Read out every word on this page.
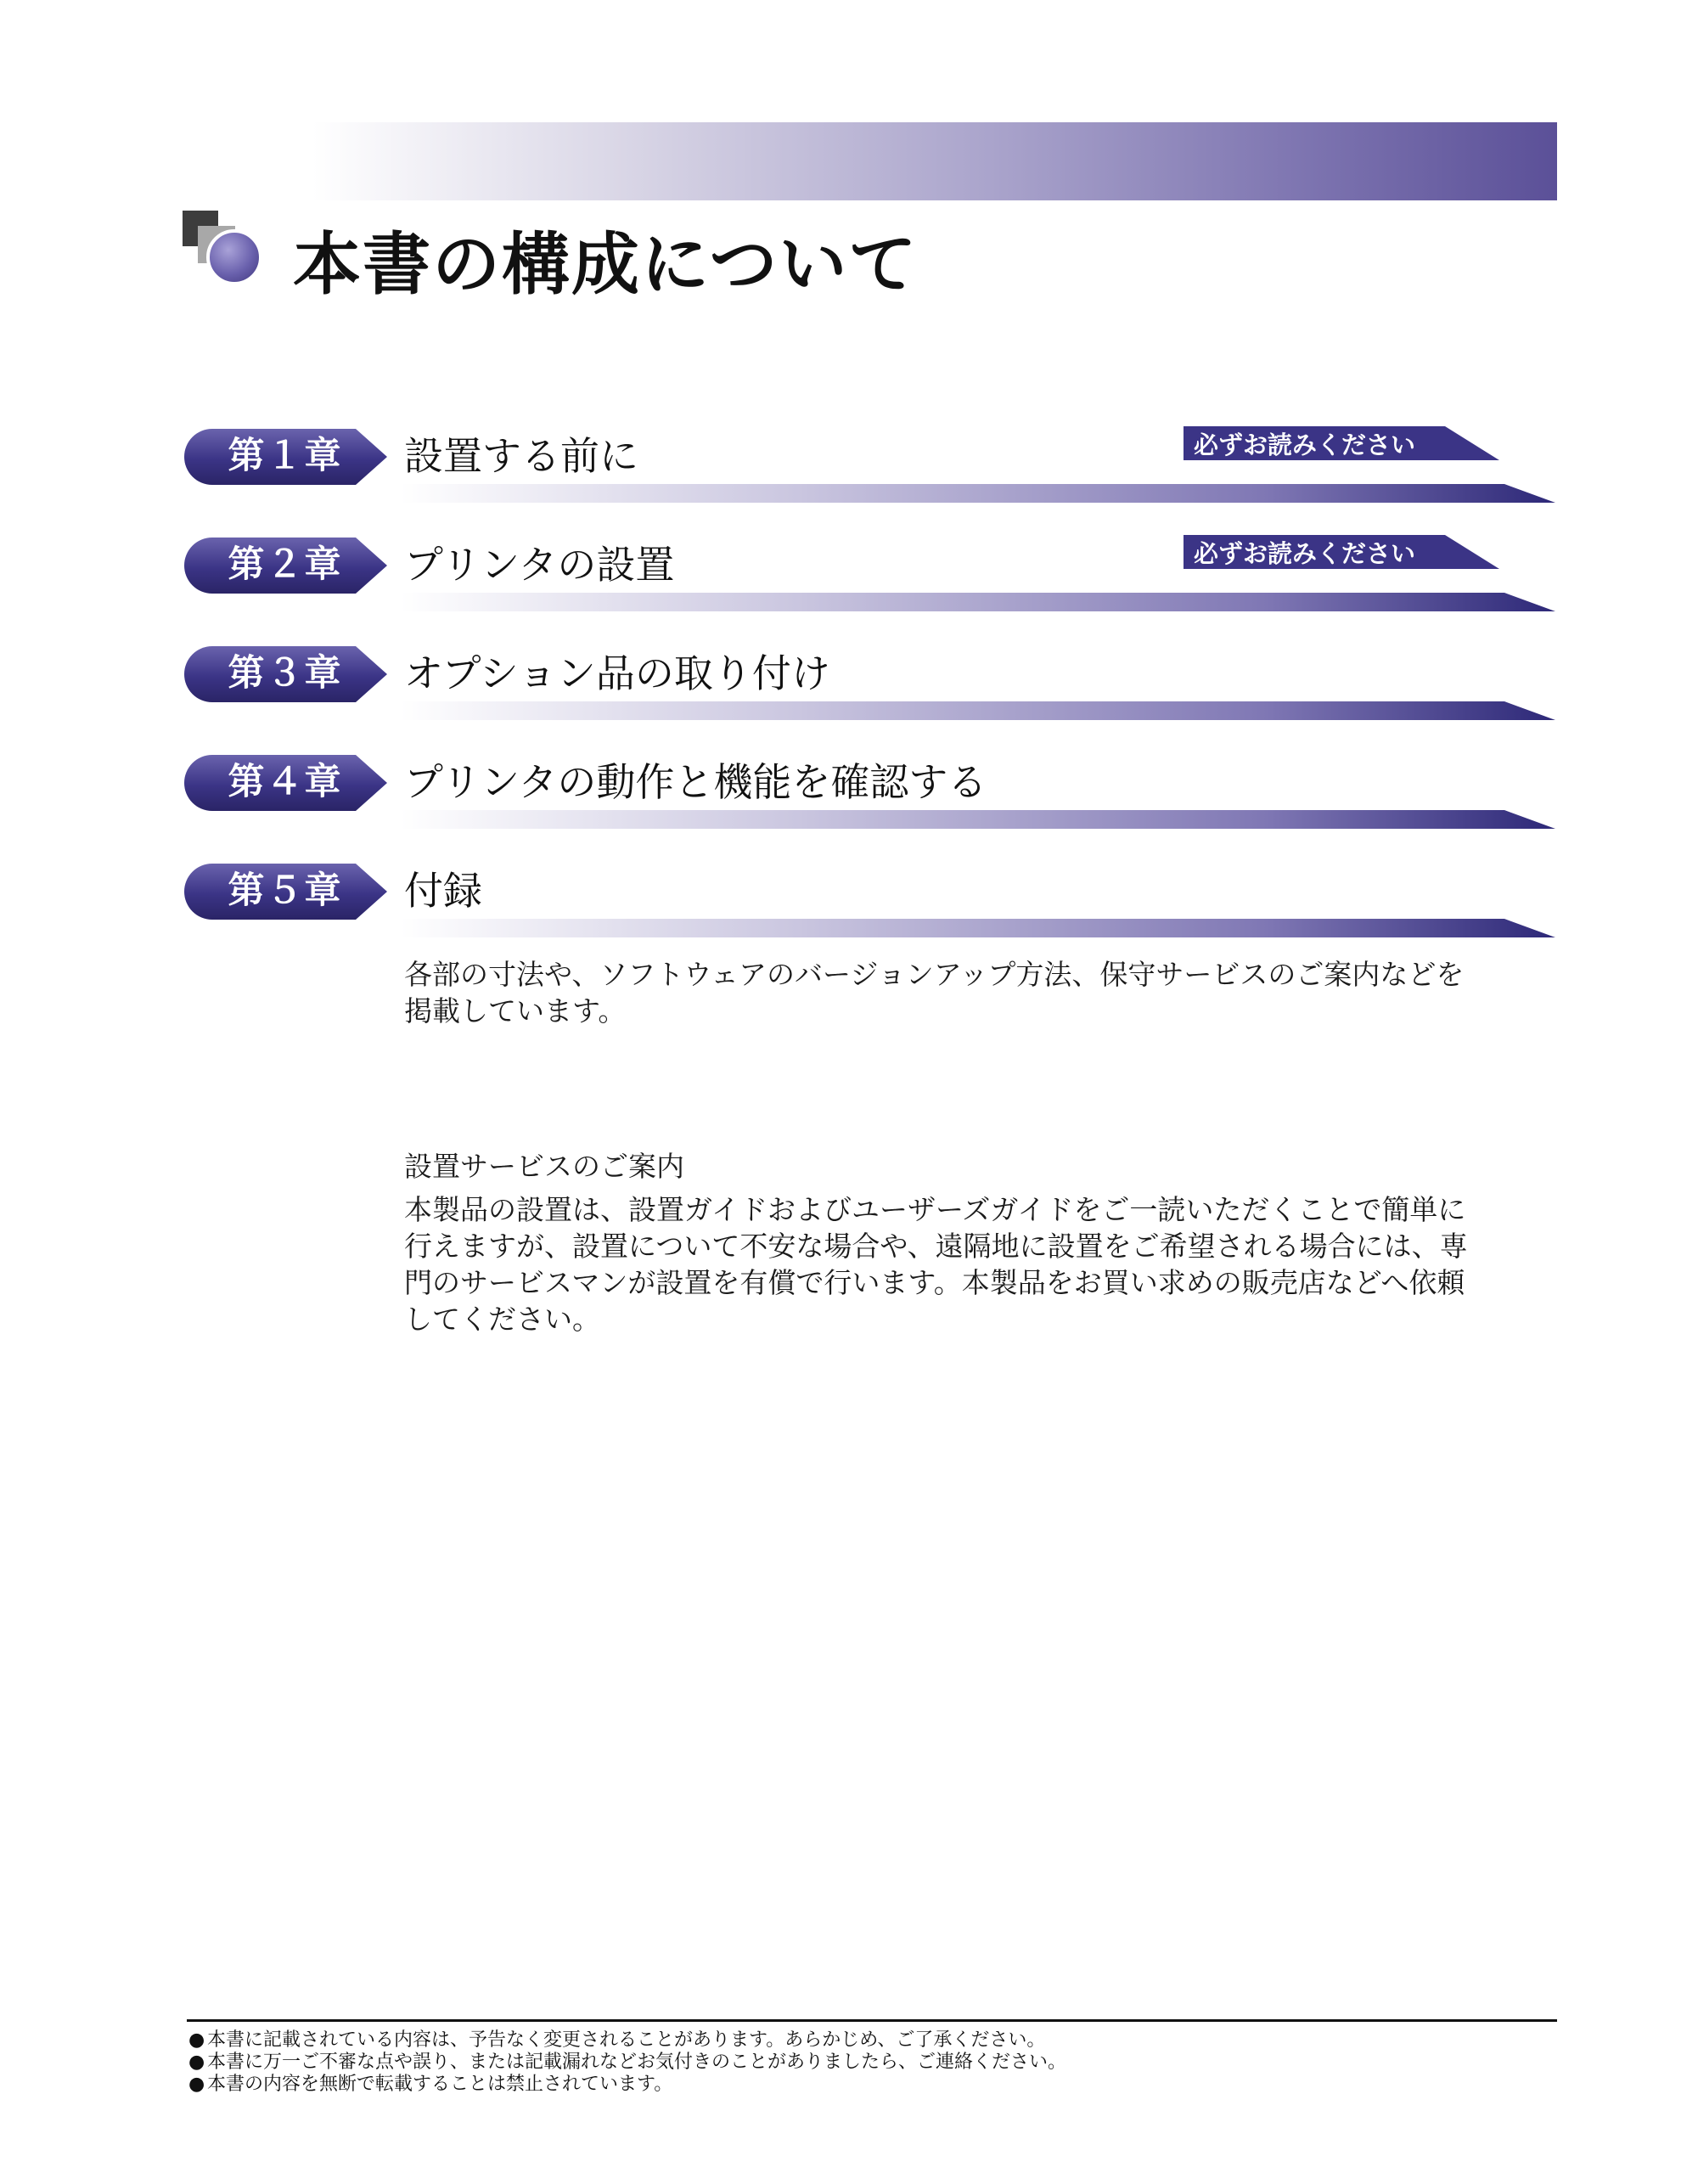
本書の構成について
第１章	設置する前に	必ずお読みください
第２章	プリンタの設置	必ずお読みください
第３章	オプション品の取り付け
第４章	プリンタの動作と機能を確認する
第５章	付録
各部の寸法や、ソフトウェアのバージョンアップ方法、保守サービスのご案内などを
掲載しています。
設置サービスのご案内
本製品の設置は、設置ガイドおよびユーザーズガイドをご一読いただくことで簡単に
行えますが、設置について不安な場合や、遠隔地に設置をご希望される場合には、専
門のサービスマンが設置を有償で行います。本製品をお買い求めの販売店などへ依頼
してください。
● 本書に記載されている内容は、予告なく変更されることがあります。あらかじめ、ご了承ください。
● 本書に万一ご不審な点や誤り、または記載漏れなどお気付きのことがありましたら、ご連絡ください。
● 本書の内容を無断で転載することは禁止されています。
